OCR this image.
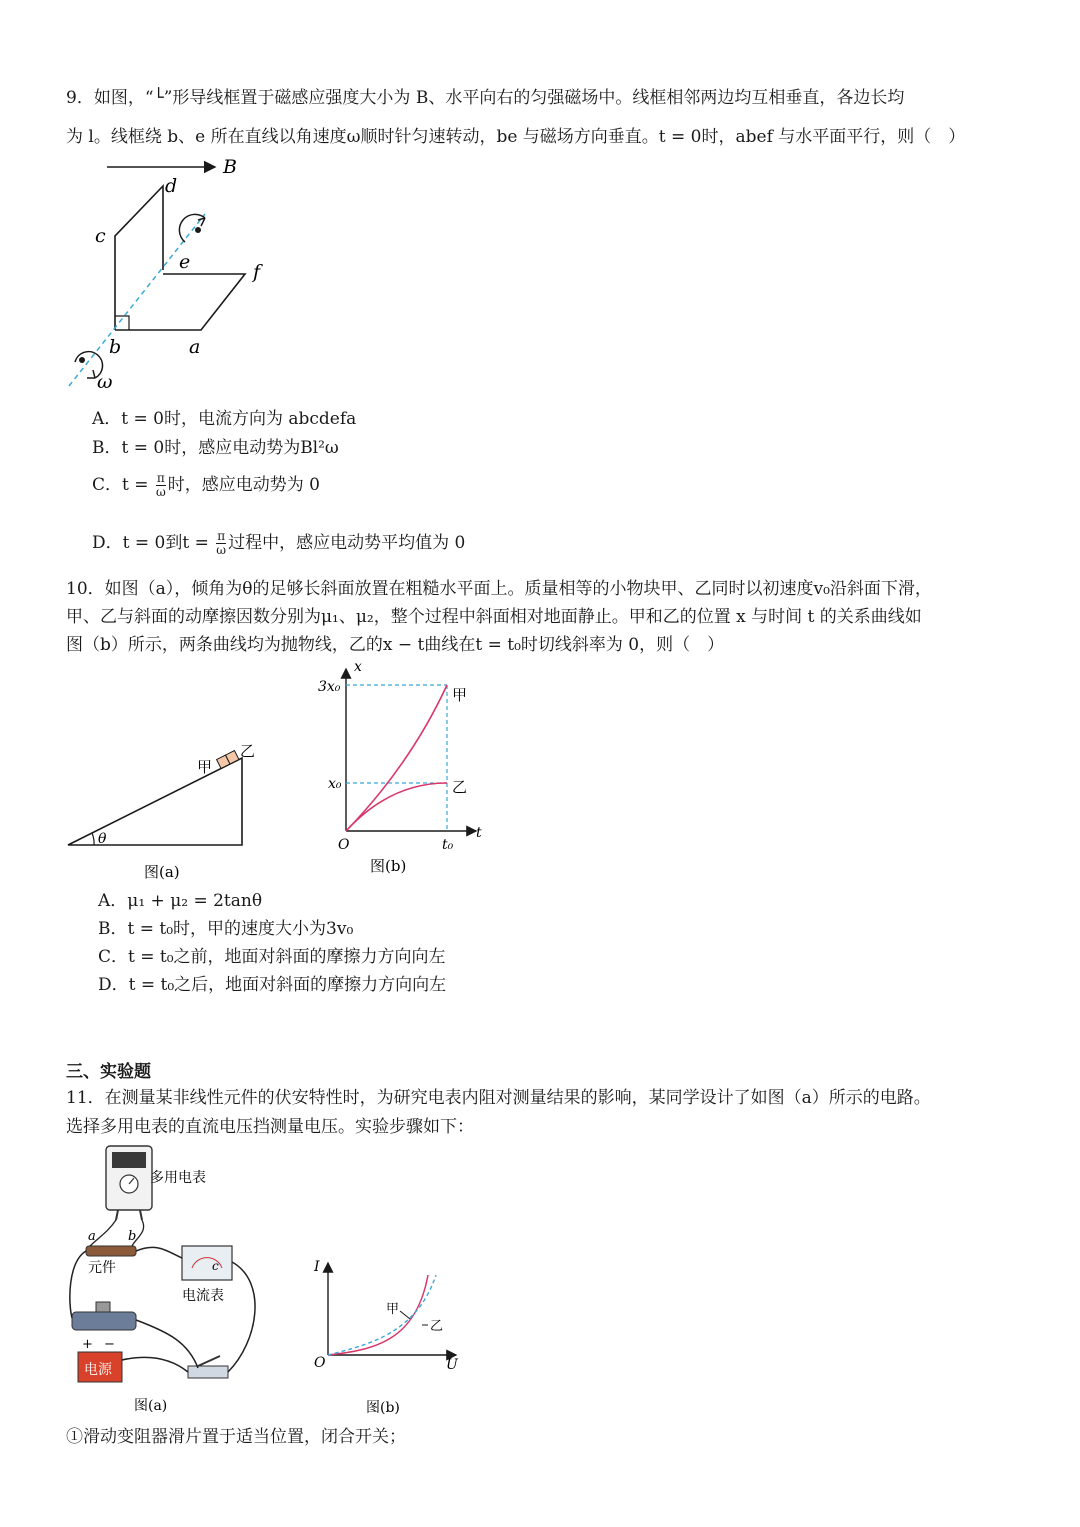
9．如图，“└”形导线框置于磁感应强度大小为 B、水平向右的匀强磁场中。线框相邻两边均互相垂直，各边长均
为 l。线框绕 b、e 所在直线以角速度ω顺时针匀速转动，be 与磁场方向垂直。t = 0时，abef 与水平面平行，则（　）
B
d
c
e	f
b	a
ω
A．t = 0时，电流方向为 abcdefa
B．t = 0时，感应电动势为Bl²ω
C．$t = \frac{\pi}{\omega}$ 时，感应电动势为 0
D．t = 0到$t = \frac{\pi}{\omega}$ 过程中，感应电动势平均值为 0
10．如图（a），倾角为θ的足够长斜面放置在粗糙水平面上。质量相等的小物块甲、乙同时以初速度v₀沿斜面下滑，
甲、乙与斜面的动摩擦因数分别为μ₁、μ₂，整个过程中斜面相对地面静止。甲和乙的位置 x 与时间 t 的关系曲线如
图（b）所示，两条曲线均为抛物线，乙的x − t曲线在t = t₀时切线斜率为 0，则（　）
θ
甲
乙
图(a)
x
t
O
3x₀
x₀
t₀
甲
乙
图(b)
A．μ₁ + μ₂ = 2tanθ
B．t = t₀时，甲的速度大小为3v₀
C．t = t₀之前，地面对斜面的摩擦力方向向左
D．t = t₀之后，地面对斜面的摩擦力方向向左
三、实验题
11．在测量某非线性元件的伏安特性时，为研究电表内阻对测量结果的影响，某同学设计了如图（a）所示的电路。
选择多用电表的直流电压挡测量电压。实验步骤如下：
多用电表
a b
元件	c
电流表
+ −
电源
图(a)
I
U
O
甲
乙
图(b)
①滑动变阻器滑片置于适当位置，闭合开关；
